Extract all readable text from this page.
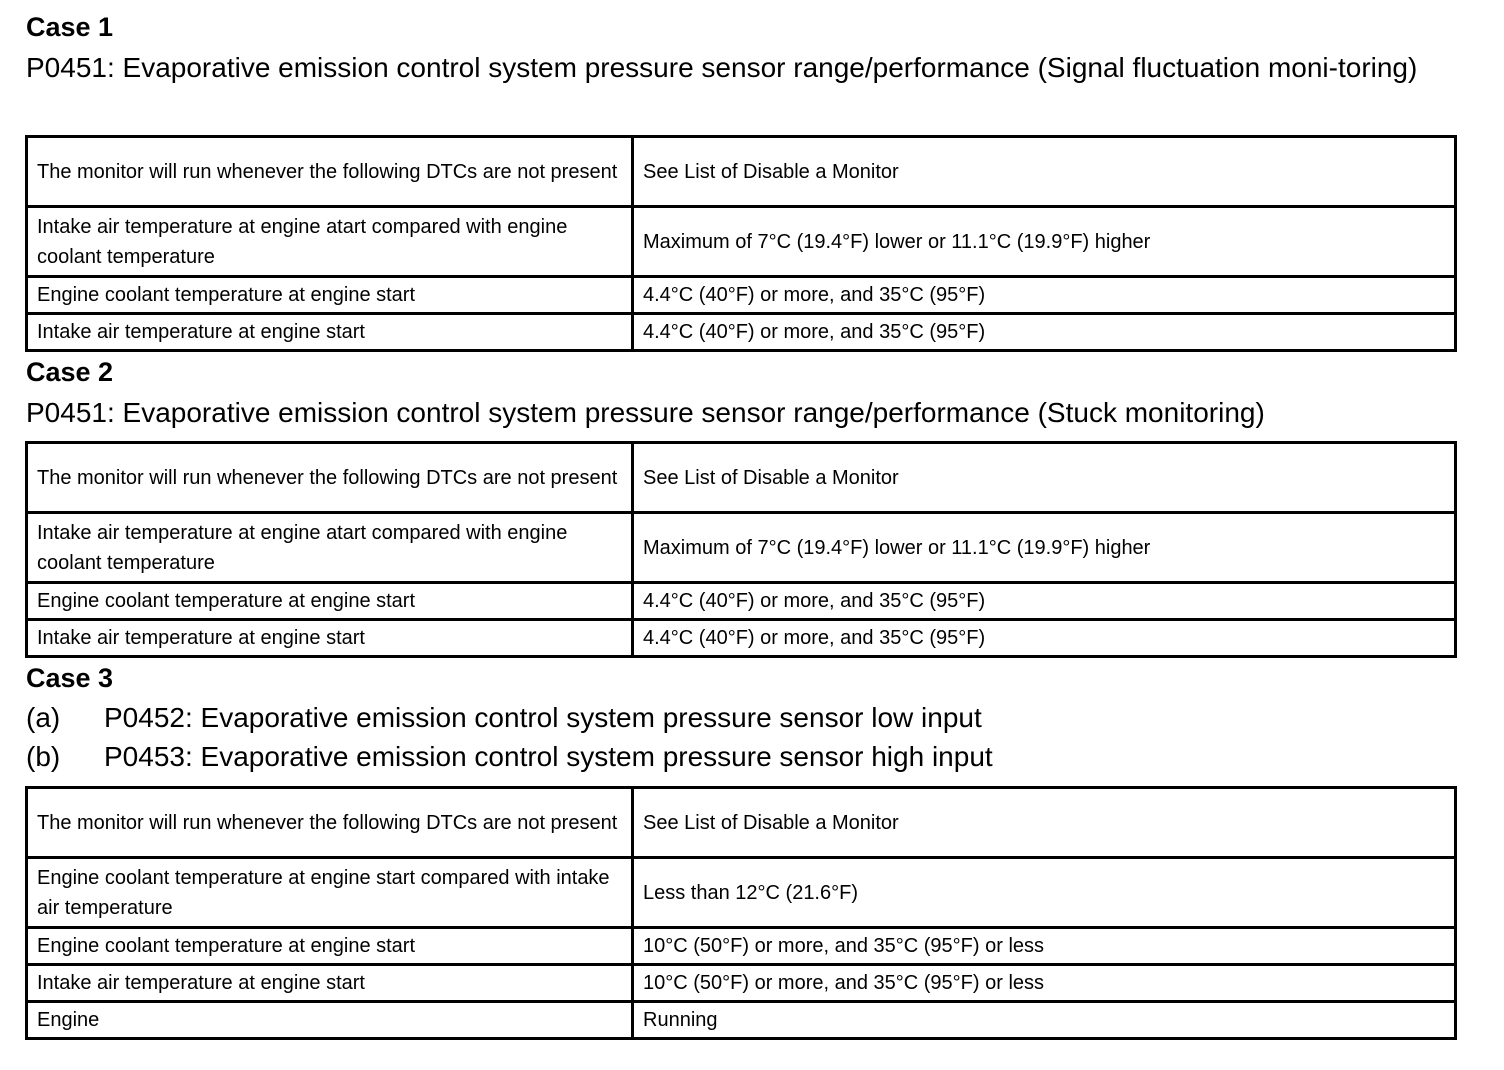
Case 1

P0451: Evaporative emission control system pressure sensor range/performance (Signal fluctuation moni-toring)

The monitor will run whenever the following DTCs are not present	See List of Disable a Monitor
Intake air temperature at engine atart compared with engine coolant temperature	Maximum of 7°C (19.4°F) lower or 11.1°C (19.9°F) higher
Engine coolant temperature at engine start	4.4°C (40°F) or more, and 35°C (95°F)
Intake air temperature at engine start	4.4°C (40°F) or more, and 35°C (95°F)
Case 2

P0451: Evaporative emission control system pressure sensor range/performance (Stuck monitoring)

The monitor will run whenever the following DTCs are not present	See List of Disable a Monitor
Intake air temperature at engine atart compared with engine coolant temperature	Maximum of 7°C (19.4°F) lower or 11.1°C (19.9°F) higher
Engine coolant temperature at engine start	4.4°C (40°F) or more, and 35°C (95°F)
Intake air temperature at engine start	4.4°C (40°F) or more, and 35°C (95°F)
Case 3
(a) P0452: Evaporative emission control system pressure sensor low input
(b) P0453: Evaporative emission control system pressure sensor high input
The monitor will run whenever the following DTCs are not present	See List of Disable a Monitor
Engine coolant temperature at engine start compared with intake air temperature	Less than 12°C (21.6°F)
Engine coolant temperature at engine start	10°C (50°F) or more, and 35°C (95°F) or less
Intake air temperature at engine start	10°C (50°F) or more, and 35°C (95°F) or less
Engine	Running
